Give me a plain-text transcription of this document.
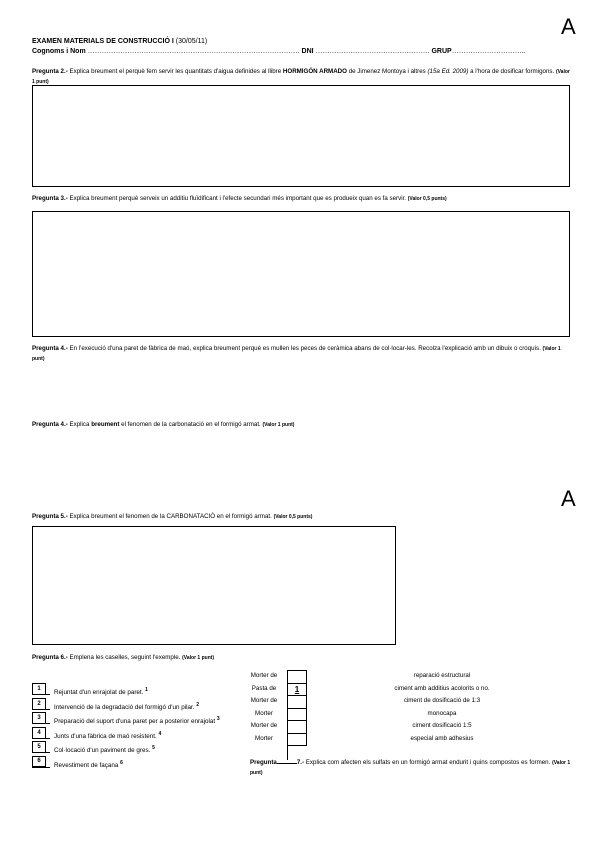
A
A
EXAMEN MATERIALS DE CONSTRUCCIÓ I (30/05/11)
Cognoms i Nom ………………………………………………………………………………. DNI …………………………………………. GRUP…………………………..
Pregunta 2.- Explica breument el perquè fem servir les quantitats d'aigua definides al llibre HORMIGÓN ARMADO de Jimenez Montoya i altres (15a Ed. 2009) a l'hora de dosificar formigons. (Valor 1 punt)
Pregunta 3.- Explica breument perquè serveix un additiu fluïdificant i l'efecte secundari més important que es produeix quan es fa servir. (Valor 0,5 punts)
Pregunta 4.- En l'execució d'una paret de fàbrica de maó, explica breument perquè es mullen les peces de ceràmica abans de col·locar-les. Recolza l'explicació amb un dibuix o croquis. (Valor 1 punt)
Pregunta 4.- Explica breument el fenomen de la carbonatació en el formigó armat. (Valor 1 punt)
Pregunta 5.- Explica breument el fenomen de la CARBONATACIÓ en el formigó armat. (Valor 0,5 punts)
Pregunta 6.- Emplena les caselles, seguint l'exemple. (Valor 1 punt)
1
Rejuntat d'un enrajolat de paret. $^1$
2
Intervenció de la degradació del formigó d'un pilar. $^2$
3
Preparació del suport d'una paret per a posterior enrajolat $^3$
4
Junts d'una fàbrica de maó resistent. $^4$
5
Col·locació d'un paviment de gres. $^5$
6
Revestiment de façana $^6$
Morter de
Pasta de
Morter de
Morter
Morter de
Morter
1
reparació estructural
ciment amb additius acolorits o no.
ciment de dosificació de 1:3
monocapa
ciment dosificació 1:5
especial amb adhesius
Pregunta	7.- Explica com afecten els sulfats en un formigó armat endurit i quins compostos es formen. (Valor 1 punt)
